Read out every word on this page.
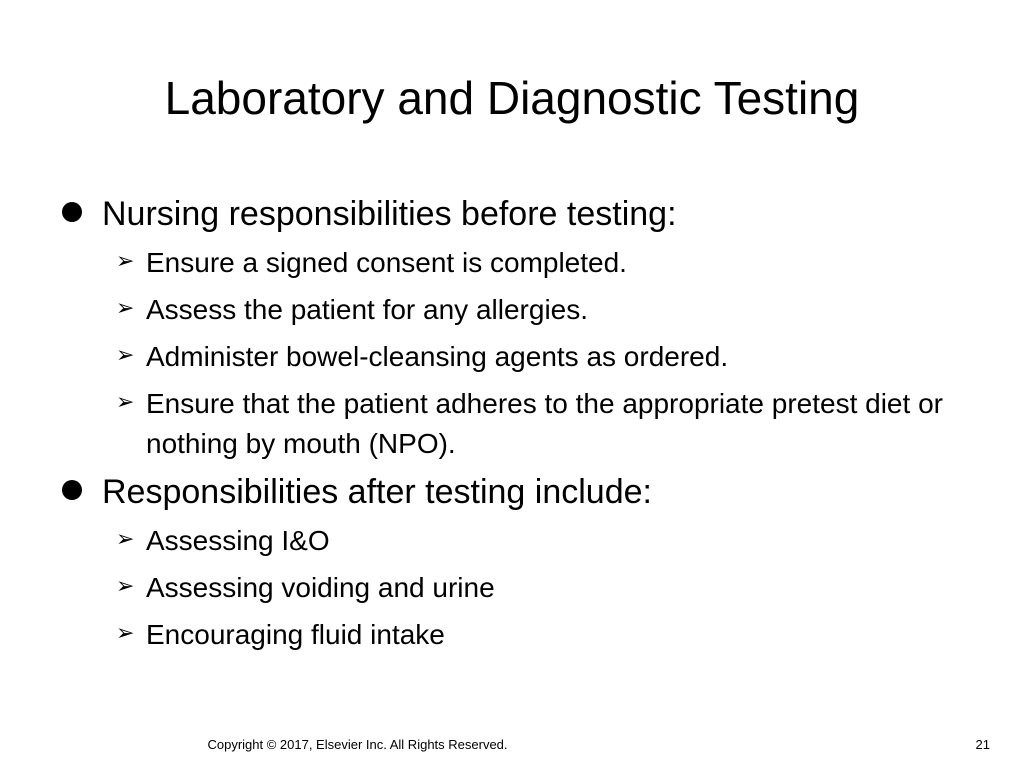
Laboratory and Diagnostic Testing
Nursing responsibilities before testing:
➢ Ensure a signed consent is completed.
➢ Assess the patient for any allergies.
➢ Administer bowel-cleansing agents as ordered.
➢ Ensure that the patient adheres to the appropriate pretest diet or nothing by mouth (NPO).
Responsibilities after testing include:
➢ Assessing I&O
➢ Assessing voiding and urine
➢ Encouraging fluid intake
Copyright © 2017, Elsevier Inc. All Rights Reserved.	21
